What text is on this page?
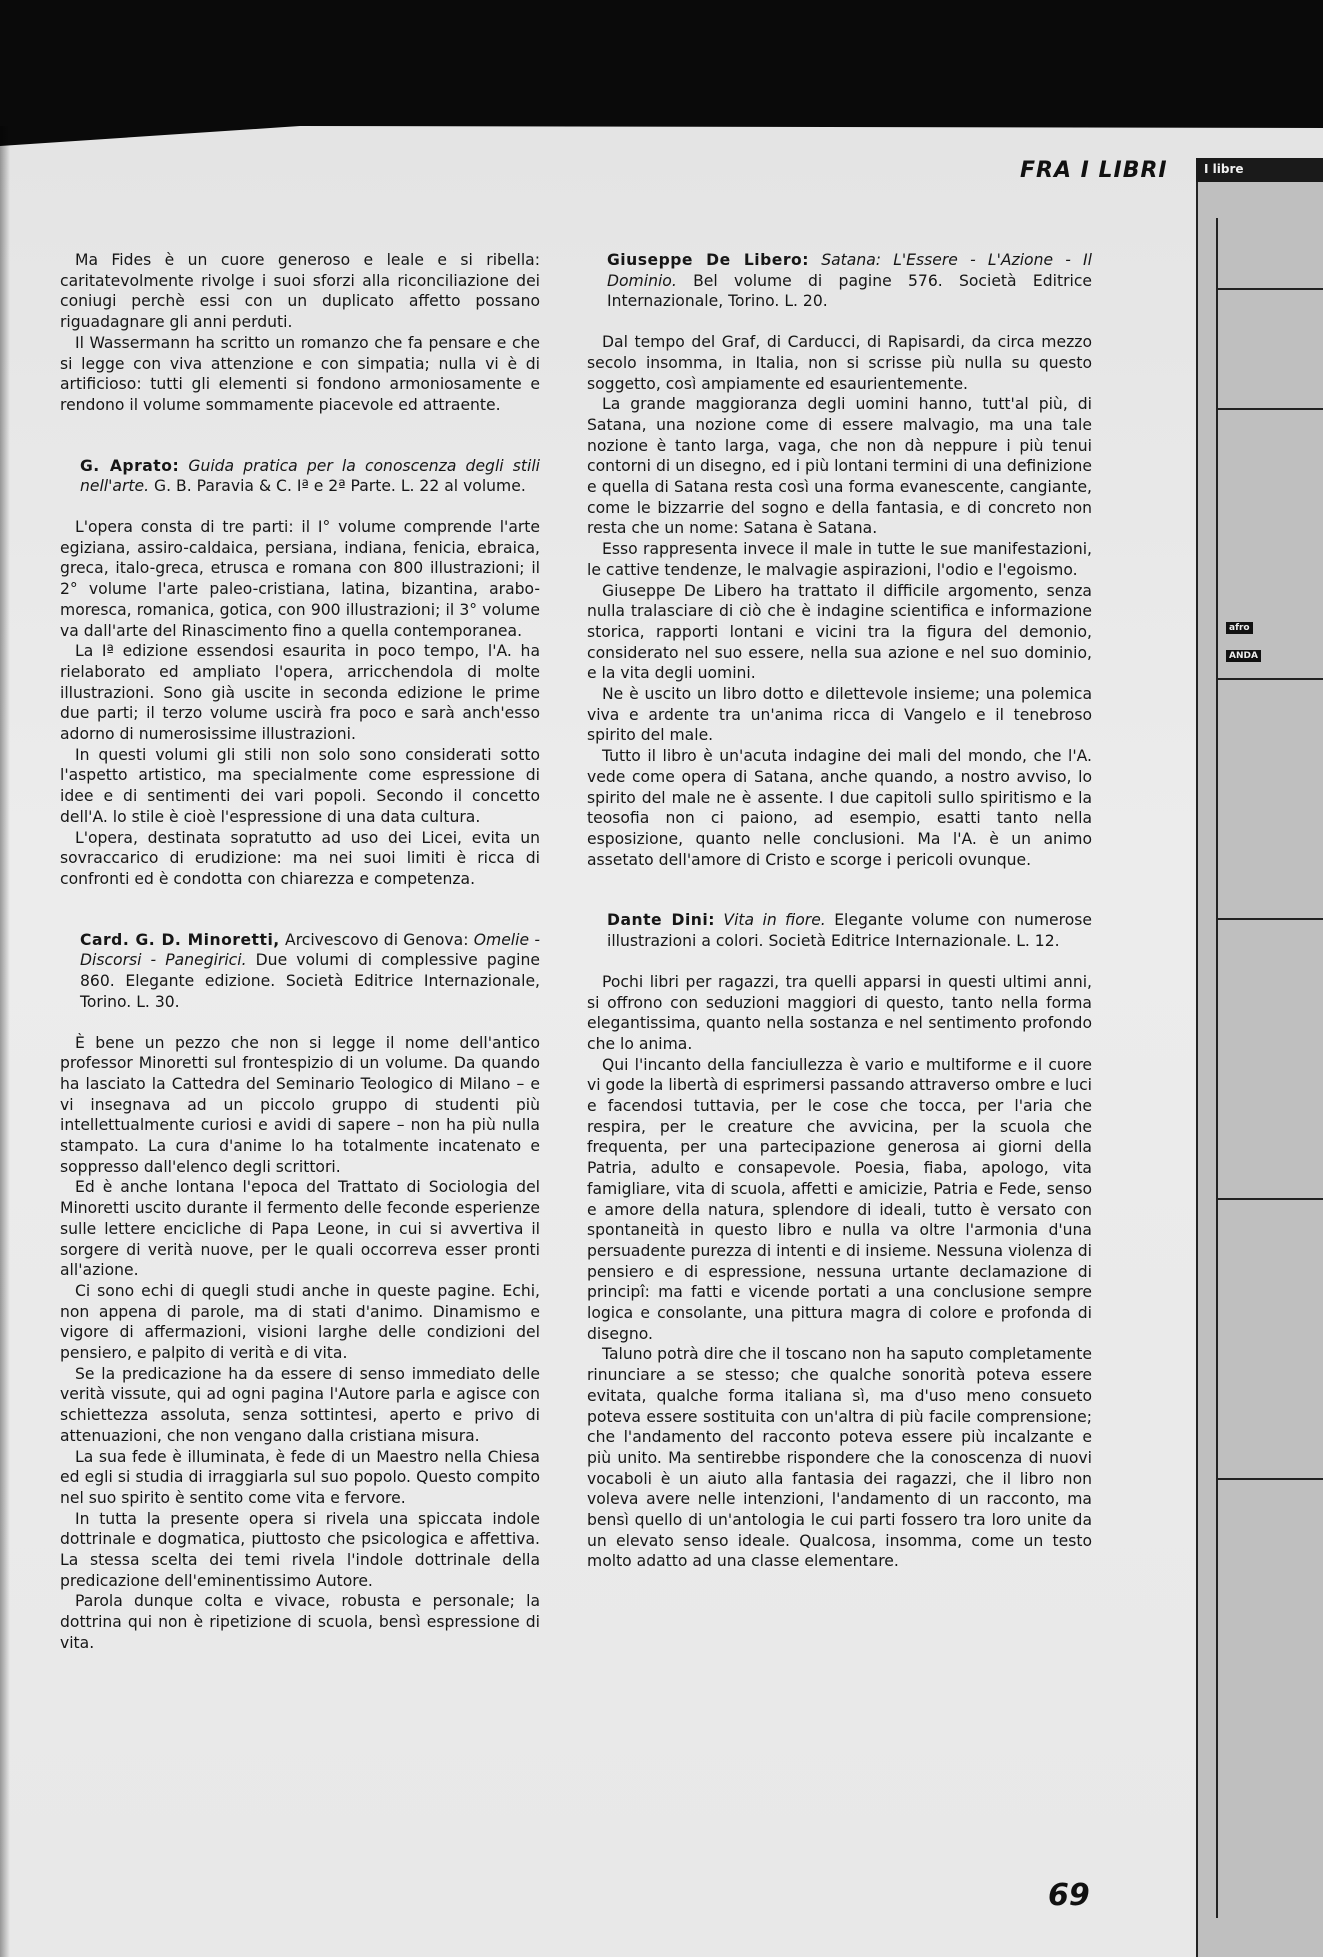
afro
ANDA
I libre
FRA I LIBRI

Ma Fides è un cuore generoso e leale e si ribella: caritatevolmente rivolge i suoi sforzi alla riconciliazione dei coniugi perchè essi con un duplicato affetto possano riguadagnare gli anni perduti.

Il Wassermann ha scritto un romanzo che fa pensare e che si legge con viva attenzione e con simpatia; nulla vi è di artificioso: tutti gli elementi si fondono armoniosamente e rendono il volume sommamente piacevole ed attraente.

G. Aprato: Guida pratica per la conoscenza degli stili nell'arte. G. B. Paravia & C. Iª e 2ª Parte. L. 22 al volume.

L'opera consta di tre parti: il I° volume comprende l'arte egiziana, assiro-caldaica, persiana, indiana, fenicia, ebraica, greca, italo-greca, etrusca e romana con 800 illustrazioni; il 2° volume l'arte paleo-cristiana, latina, bizantina, arabo-moresca, romanica, gotica, con 900 illustrazioni; il 3° volume va dall'arte del Rinascimento fino a quella contemporanea.

La Iª edizione essendosi esaurita in poco tempo, l'A. ha rielaborato ed ampliato l'opera, arricchendola di molte illustrazioni. Sono già uscite in seconda edizione le prime due parti; il terzo volume uscirà fra poco e sarà anch'esso adorno di numerosissime illustrazioni.

In questi volumi gli stili non solo sono considerati sotto l'aspetto artistico, ma specialmente come espressione di idee e di sentimenti dei vari popoli. Secondo il concetto dell'A. lo stile è cioè l'espressione di una data cultura.

L'opera, destinata sopratutto ad uso dei Licei, evita un sovraccarico di erudizione: ma nei suoi limiti è ricca di confronti ed è condotta con chiarezza e competenza.

Card. G. D. Minoretti, Arcivescovo di Genova: Omelie - Discorsi - Panegirici. Due volumi di complessive pagine 860. Elegante edizione. Società Editrice Internazionale, Torino. L. 30.

È bene un pezzo che non si legge il nome dell'antico professor Minoretti sul frontespizio di un volume. Da quando ha lasciato la Cattedra del Seminario Teologico di Milano – e vi insegnava ad un piccolo gruppo di studenti più intellettualmente curiosi e avidi di sapere – non ha più nulla stampato. La cura d'anime lo ha totalmente incatenato e soppresso dall'elenco degli scrittori.

Ed è anche lontana l'epoca del Trattato di Sociologia del Minoretti uscito durante il fermento delle feconde esperienze sulle lettere encicliche di Papa Leone, in cui si avvertiva il sorgere di verità nuove, per le quali occorreva esser pronti all'azione.

Ci sono echi di quegli studi anche in queste pagine. Echi, non appena di parole, ma di stati d'animo. Dinamismo e vigore di affermazioni, visioni larghe delle condizioni del pensiero, e palpito di verità e di vita.

Se la predicazione ha da essere di senso immediato delle verità vissute, qui ad ogni pagina l'Autore parla e agisce con schiettezza assoluta, senza sottintesi, aperto e privo di attenuazioni, che non vengano dalla cristiana misura.

La sua fede è illuminata, è fede di un Maestro nella Chiesa ed egli si studia di irraggiarla sul suo popolo. Questo compito nel suo spirito è sentito come vita e fervore.

In tutta la presente opera si rivela una spiccata indole dottrinale e dogmatica, piuttosto che psicologica e affettiva. La stessa scelta dei temi rivela l'indole dottrinale della predicazione dell'eminentissimo Autore.

Parola dunque colta e vivace, robusta e personale; la dottrina qui non è ripetizione di scuola, bensì espressione di vita.

Giuseppe De Libero: Satana: L'Essere - L'Azione - Il Dominio. Bel volume di pagine 576. Società Editrice Internazionale, Torino. L. 20.

Dal tempo del Graf, di Carducci, di Rapisardi, da circa mezzo secolo insomma, in Italia, non si scrisse più nulla su questo soggetto, così ampiamente ed esaurientemente.

La grande maggioranza degli uomini hanno, tutt'al più, di Satana, una nozione come di essere malvagio, ma una tale nozione è tanto larga, vaga, che non dà neppure i più tenui contorni di un disegno, ed i più lontani termini di una definizione e quella di Satana resta così una forma evanescente, cangiante, come le bizzarrie del sogno e della fantasia, e di concreto non resta che un nome: Satana è Satana.

Esso rappresenta invece il male in tutte le sue manifestazioni, le cattive tendenze, le malvagie aspirazioni, l'odio e l'egoismo.

Giuseppe De Libero ha trattato il difficile argomento, senza nulla tralasciare di ciò che è indagine scientifica e informazione storica, rapporti lontani e vicini tra la figura del demonio, considerato nel suo essere, nella sua azione e nel suo dominio, e la vita degli uomini.

Ne è uscito un libro dotto e dilettevole insieme; una polemica viva e ardente tra un'anima ricca di Vangelo e il tenebroso spirito del male.

Tutto il libro è un'acuta indagine dei mali del mondo, che l'A. vede come opera di Satana, anche quando, a nostro avviso, lo spirito del male ne è assente. I due capitoli sullo spiritismo e la teosofia non ci paiono, ad esempio, esatti tanto nella esposizione, quanto nelle conclusioni. Ma l'A. è un animo assetato dell'amore di Cristo e scorge i pericoli ovunque.

Dante Dini: Vita in fiore. Elegante volume con numerose illustrazioni a colori. Società Editrice Internazionale. L. 12.

Pochi libri per ragazzi, tra quelli apparsi in questi ultimi anni, si offrono con seduzioni maggiori di questo, tanto nella forma elegantissima, quanto nella sostanza e nel sentimento profondo che lo anima.

Qui l'incanto della fanciullezza è vario e multiforme e il cuore vi gode la libertà di esprimersi passando attraverso ombre e luci e facendosi tuttavia, per le cose che tocca, per l'aria che respira, per le creature che avvicina, per la scuola che frequenta, per una partecipazione generosa ai giorni della Patria, adulto e consapevole. Poesia, fiaba, apologo, vita famigliare, vita di scuola, affetti e amicizie, Patria e Fede, senso e amore della natura, splendore di ideali, tutto è versato con spontaneità in questo libro e nulla va oltre l'armonia d'una persuadente purezza di intenti e di insieme. Nessuna violenza di pensiero e di espressione, nessuna urtante declamazione di principî: ma fatti e vicende portati a una conclusione sempre logica e consolante, una pittura magra di colore e profonda di disegno.

Taluno potrà dire che il toscano non ha saputo completamente rinunciare a se stesso; che qualche sonorità poteva essere evitata, qualche forma italiana sì, ma d'uso meno consueto poteva essere sostituita con un'altra di più facile comprensione; che l'andamento del racconto poteva essere più incalzante e più unito. Ma sentirebbe rispondere che la conoscenza di nuovi vocaboli è un aiuto alla fantasia dei ragazzi, che il libro non voleva avere nelle intenzioni, l'andamento di un racconto, ma bensì quello di un'antologia le cui parti fossero tra loro unite da un elevato senso ideale. Qualcosa, insomma, come un testo molto adatto ad una classe elementare.

69
